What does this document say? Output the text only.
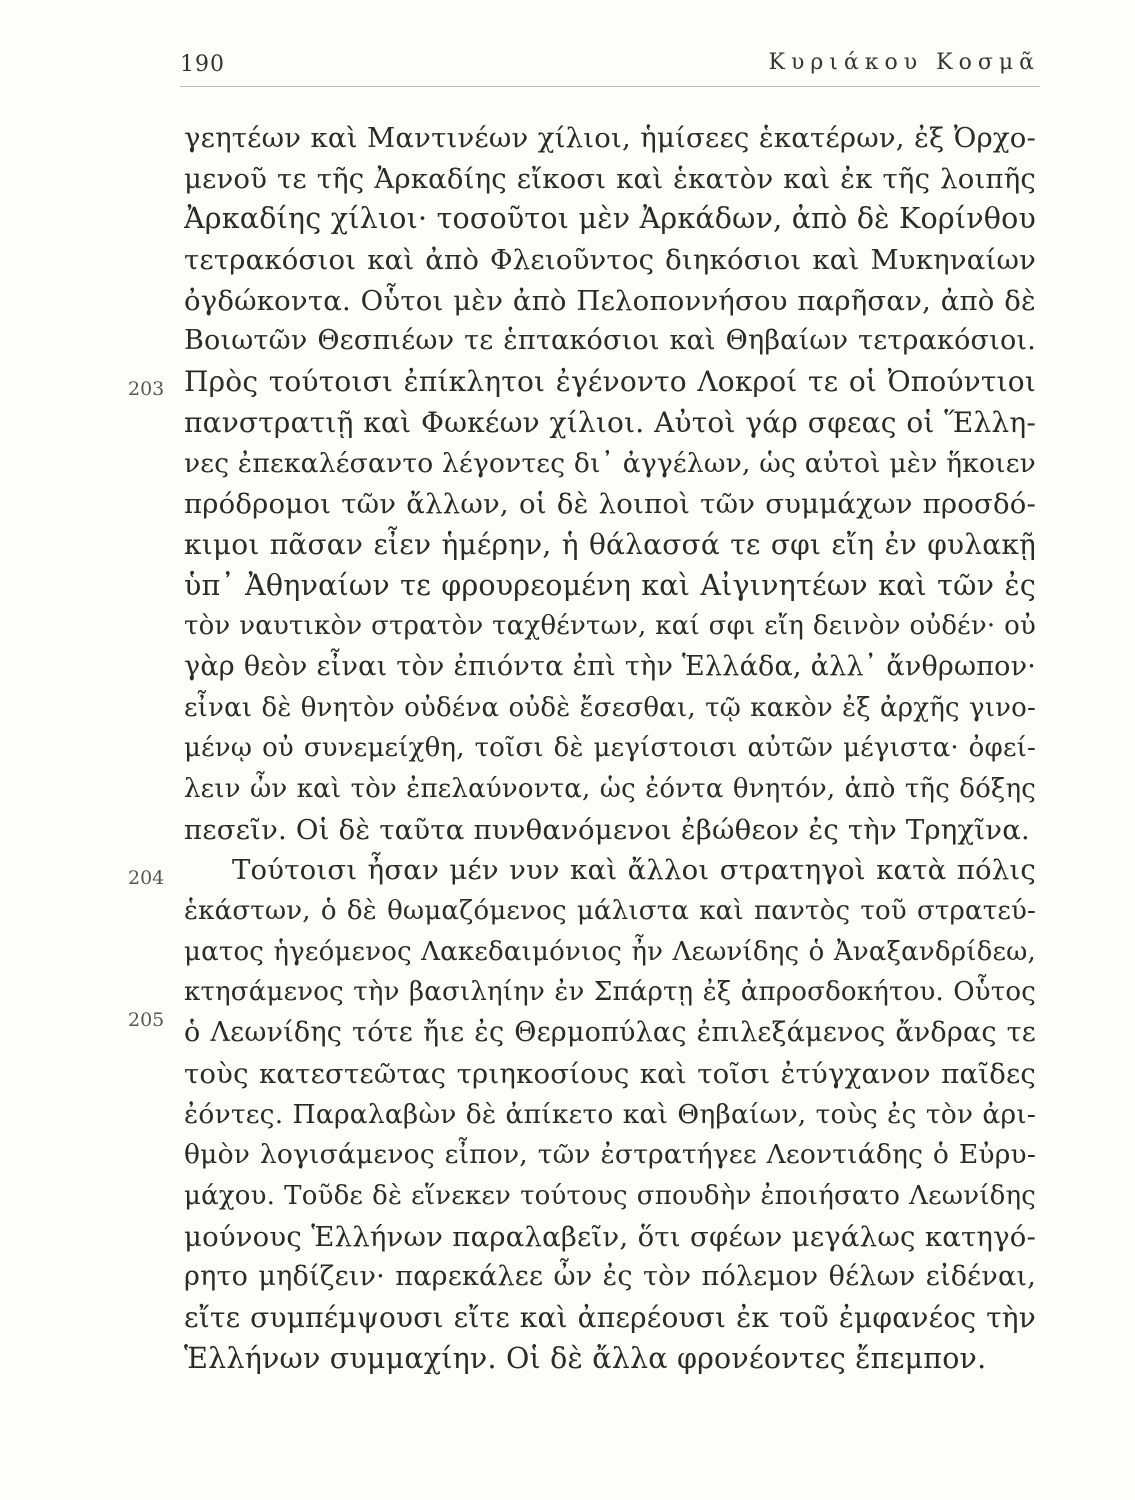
190	Κυριάκου Κοσμᾶ
203
204
205
γεητέων καὶ Μαντινέων χίλιοι, ἡμίσεες ἑκατέρων, ἐξ Ὀρχο-
μενοῦ τε τῆς Ἀρκαδίης εἴκοσι καὶ ἑκατὸν καὶ ἐκ τῆς λοιπῆς
Ἀρκαδίης χίλιοι· τοσοῦτοι μὲν Ἀρκάδων, ἀπὸ δὲ Κορίνθου
τετρακόσιοι καὶ ἀπὸ Φλειοῦντος διηκόσιοι καὶ Μυκηναίων
ὀγδώκοντα. Οὗτοι μὲν ἀπὸ Πελοποννήσου παρῆσαν, ἀπὸ δὲ
Βοιωτῶν Θεσπιέων τε ἑπτακόσιοι καὶ Θηβαίων τετρακόσιοι.
Πρὸς τούτοισι ἐπίκλητοι ἐγένοντο Λοκροί τε οἱ Ὀπούντιοι
πανστρατιῇ καὶ Φωκέων χίλιοι. Αὐτοὶ γάρ σφεας οἱ Ἕλλη-
νες ἐπεκαλέσαντο λέγοντες δι᾽ ἀγγέλων, ὡς αὐτοὶ μὲν ἥκοιεν
πρόδρομοι τῶν ἄλλων, οἱ δὲ λοιποὶ τῶν συμμάχων προσδό-
κιμοι πᾶσαν εἶεν ἡμέρην, ἡ θάλασσά τε σφι εἴη ἐν φυλακῇ
ὑπ᾽ Ἀθηναίων τε φρουρεομένη καὶ Αἰγινητέων καὶ τῶν ἐς
τὸν ναυτικὸν στρατὸν ταχθέντων, καί σφι εἴη δεινὸν οὐδέν· οὐ
γὰρ θεὸν εἶναι τὸν ἐπιόντα ἐπὶ τὴν Ἑλλάδα, ἀλλ᾽ ἄνθρωπον·
εἶναι δὲ θνητὸν οὐδένα οὐδὲ ἔσεσθαι, τῷ κακὸν ἐξ ἀρχῆς γινο-
μένῳ οὐ συνεμείχθη, τοῖσι δὲ μεγίστοισι αὐτῶν μέγιστα· ὀφεί-
λειν ὦν καὶ τὸν ἐπελαύνοντα, ὡς ἐόντα θνητόν, ἀπὸ τῆς δόξης
πεσεῖν. Οἱ δὲ ταῦτα πυνθανόμενοι ἐβώθεον ἐς τὴν Τρηχῖνα.
Τούτοισι ἦσαν μέν νυν καὶ ἄλλοι στρατηγοὶ κατὰ πόλις
ἑκάστων, ὁ δὲ θωμαζόμενος μάλιστα καὶ παντὸς τοῦ στρατεύ-
ματος ἡγεόμενος Λακεδαιμόνιος ἦν Λεωνίδης ὁ Ἀναξανδρίδεω,
κτησάμενος τὴν βασιληίην ἐν Σπάρτῃ ἐξ ἀπροσδοκήτου. Οὗτος
ὁ Λεωνίδης τότε ἤιε ἐς Θερμοπύλας ἐπιλεξάμενος ἄνδρας τε
τοὺς κατεστεῶτας τριηκοσίους καὶ τοῖσι ἐτύγχανον παῖδες
ἐόντες. Παραλαβὼν δὲ ἀπίκετο καὶ Θηβαίων, τοὺς ἐς τὸν ἀρι-
θμὸν λογισάμενος εἶπον, τῶν ἐστρατήγεε Λεοντιάδης ὁ Εὐρυ-
μάχου. Τοῦδε δὲ εἵνεκεν τούτους σπουδὴν ἐποιήσατο Λεωνίδης
μούνους Ἑλλήνων παραλαβεῖν, ὅτι σφέων μεγάλως κατηγό-
ρητο μηδίζειν· παρεκάλεε ὦν ἐς τὸν πόλεμον θέλων εἰδέναι,
εἴτε συμπέμψουσι εἴτε καὶ ἀπερέουσι ἐκ τοῦ ἐμφανέος τὴν
Ἑλλήνων συμμαχίην. Οἱ δὲ ἄλλα φρονέοντες ἔπεμπον.
